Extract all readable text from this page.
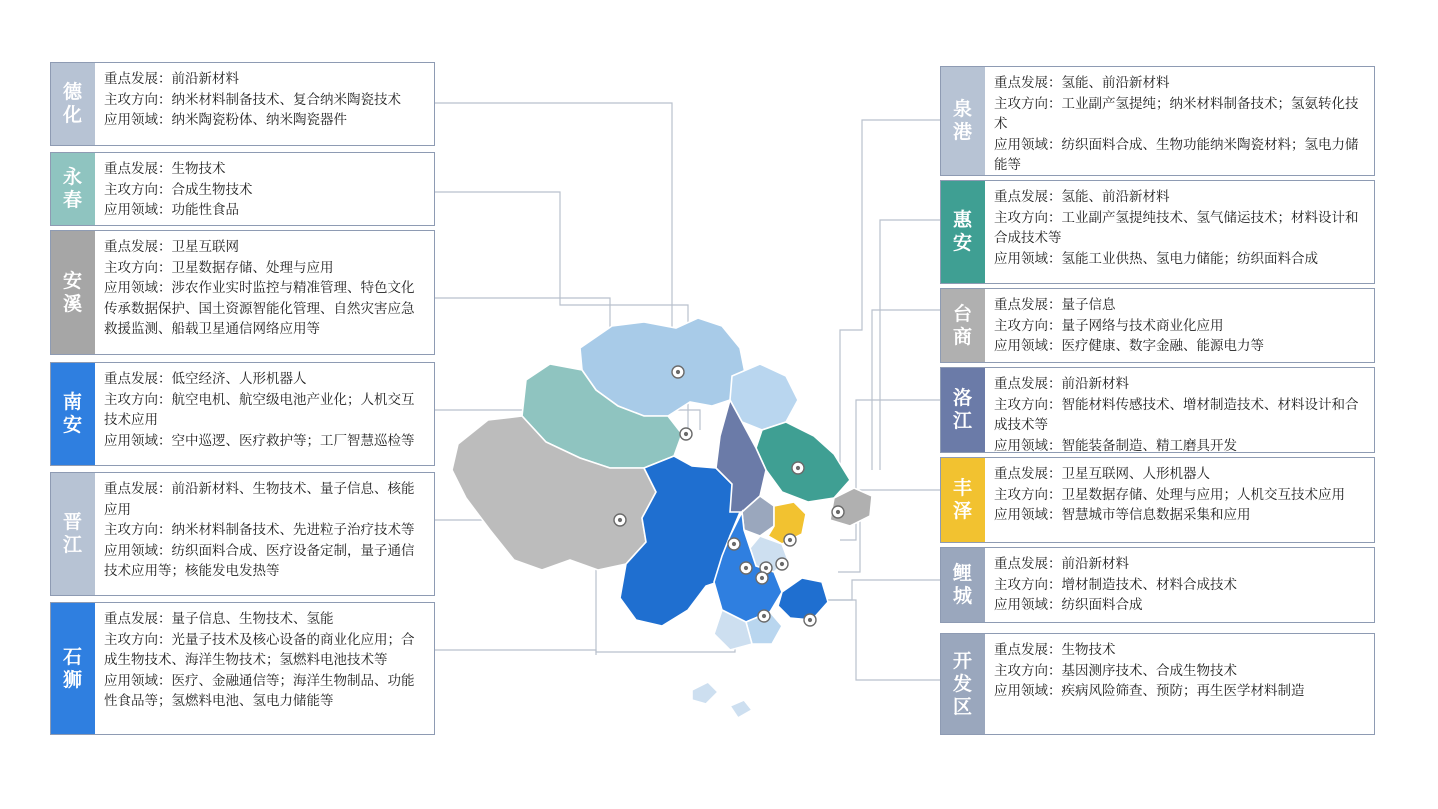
德化
重点发展：前沿新材料
主攻方向：纳米材料制备技术、复合纳米陶瓷技术
应用领域：纳米陶瓷粉体、纳米陶瓷器件
永春
重点发展：生物技术
主攻方向：合成生物技术
应用领域：功能性食品
安溪
重点发展：卫星互联网
主攻方向：卫星数据存储、处理与应用
应用领域：涉农作业实时监控与精准管理、特色文化传承数据保护、国土资源智能化管理、自然灾害应急救援监测、船载卫星通信网络应用等
南安
重点发展：低空经济、人形机器人
主攻方向：航空电机、航空级电池产业化；人机交互技术应用
应用领域：空中巡逻、医疗救护等；工厂智慧巡检等
晋江
重点发展：前沿新材料、生物技术、量子信息、核能应用
主攻方向：纳米材料制备技术、先进粒子治疗技术等
应用领域：纺织面料合成、医疗设备定制，量子通信技术应用等；核能发电发热等
石狮
重点发展：量子信息、生物技术、氢能
主攻方向：光量子技术及核心设备的商业化应用；合成生物技术、海洋生物技术；氢燃料电池技术等
应用领域：医疗、金融通信等；海洋生物制品、功能性食品等；氢燃料电池、氢电力储能等
泉港
重点发展：氢能、前沿新材料
主攻方向：工业副产氢提纯；纳米材料制备技术；氢氨转化技术
应用领域：纺织面料合成、生物功能纳米陶瓷材料；氢电力储能等
惠安
重点发展：氢能、前沿新材料
主攻方向：工业副产氢提纯技术、氢气储运技术；材料设计和合成技术等
应用领域：氢能工业供热、氢电力储能；纺织面料合成
台商
重点发展：量子信息
主攻方向：量子网络与技术商业化应用
应用领域：医疗健康、数字金融、能源电力等
洛江
重点发展：前沿新材料
主攻方向：智能材料传感技术、增材制造技术、材料设计和合成技术等
应用领域：智能装备制造、精工磨具开发
丰泽
重点发展：卫星互联网、人形机器人
主攻方向：卫星数据存储、处理与应用；人机交互技术应用
应用领域：智慧城市等信息数据采集和应用
鲤城
重点发展：前沿新材料
主攻方向：增材制造技术、材料合成技术
应用领域：纺织面料合成
开发区
重点发展：生物技术
主攻方向：基因测序技术、合成生物技术
应用领域：疾病风险筛查、预防；再生医学材料制造
